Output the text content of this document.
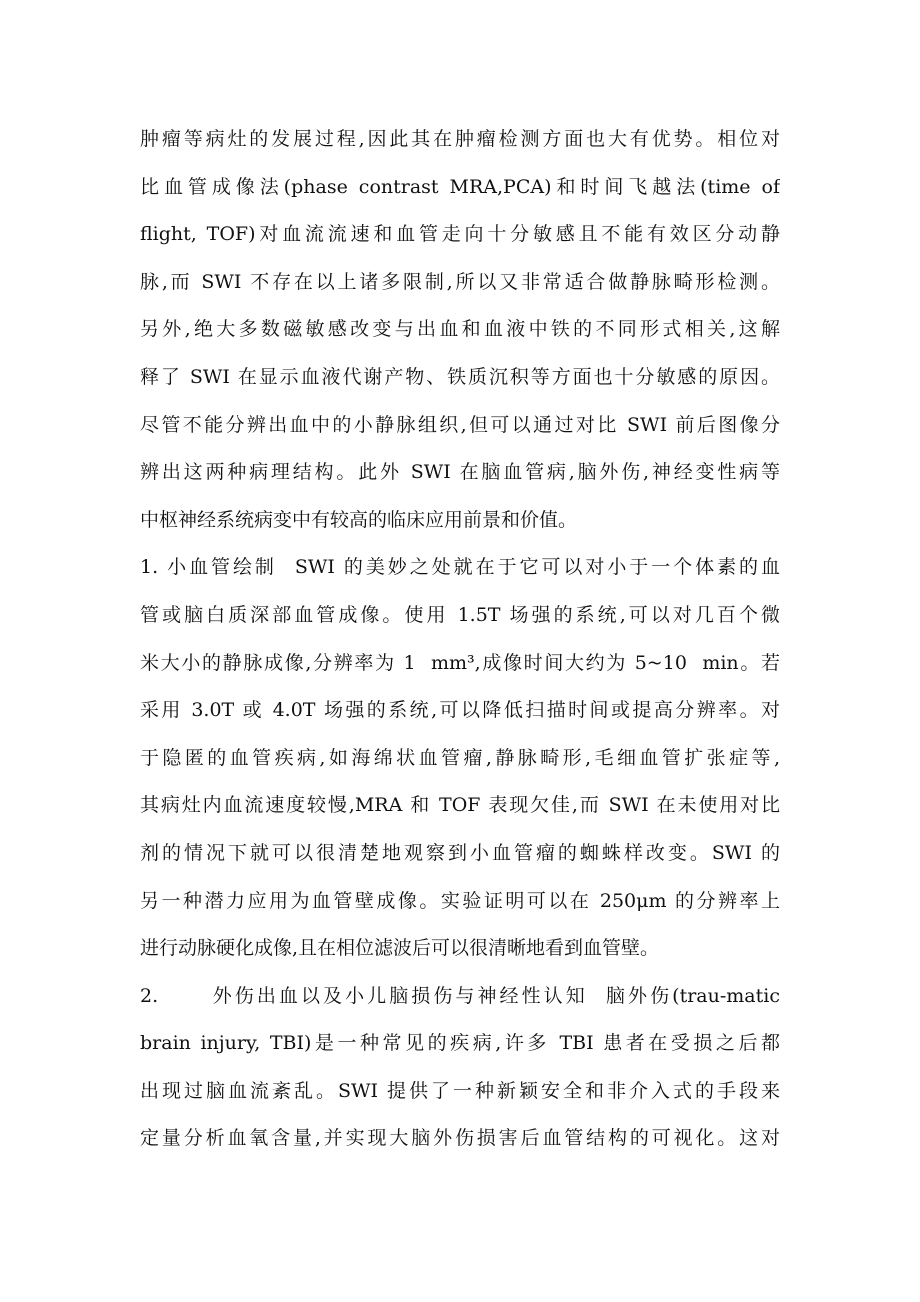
肿瘤等病灶的发展过程,因此其在肿瘤检测方面也大有优势。相位对
比血管成像法(phase contrast MRA,PCA)和时间飞越法(time of
flight, TOF)对血流流速和血管走向十分敏感且不能有效区分动静
脉,而 SWI 不存在以上诸多限制,所以又非常适合做静脉畸形检测。
另外,绝大多数磁敏感改变与出血和血液中铁的不同形式相关,这解
释了 SWI 在显示血液代谢产物、铁质沉积等方面也十分敏感的原因。
尽管不能分辨出血中的小静脉组织,但可以通过对比 SWI 前后图像分
辨出这两种病理结构。此外 SWI 在脑血管病,脑外伤,神经变性病等
中枢神经系统病变中有较高的临床应用前景和价值。
1. 小血管绘制  SWI 的美妙之处就在于它可以对小于一个体素的血
管或脑白质深部血管成像。使用 1.5T 场强的系统,可以对几百个微
米大小的静脉成像,分辨率为 1  mm³,成像时间大约为 5~10  min。若
采用 3.0T 或 4.0T 场强的系统,可以降低扫描时间或提高分辨率。对
于隐匿的血管疾病,如海绵状血管瘤,静脉畸形,毛细血管扩张症等,
其病灶内血流速度较慢,MRA 和 TOF 表现欠佳,而 SWI 在未使用对比
剂的情况下就可以很清楚地观察到小血管瘤的蜘蛛样改变。SWI 的
另一种潜力应用为血管壁成像。实验证明可以在 250μm 的分辨率上
进行动脉硬化成像,且在相位滤波后可以很清晰地看到血管壁。
2.      外伤出血以及小儿脑损伤与神经性认知  脑外伤(trau-matic
brain injury, TBI)是一种常见的疾病,许多 TBI 患者在受损之后都
出现过脑血流紊乱。SWI 提供了一种新颖安全和非介入式的手段来
定量分析血氧含量,并实现大脑外伤损害后血管结构的可视化。这对
